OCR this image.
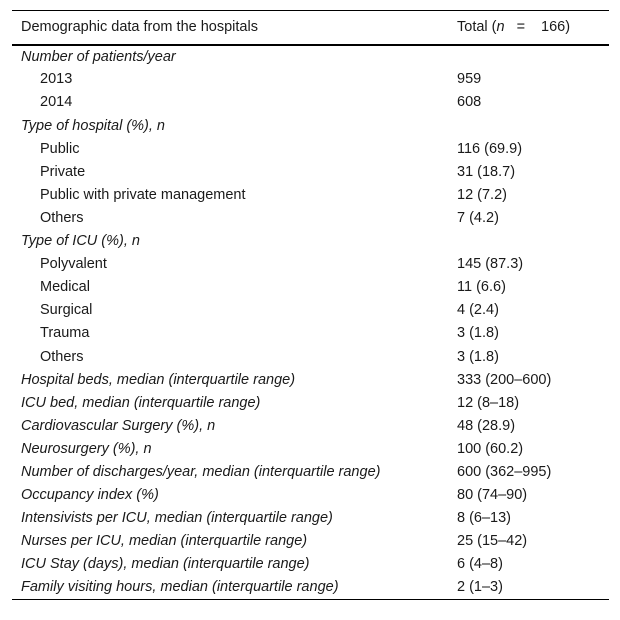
Demographic data from the hospitals	Total (n = 166)
Number of patients/year	
2013	959
2014	608
Type of hospital (%), n	
Public	116 (69.9)
Private	31 (18.7)
Public with private management	12 (7.2)
Others	7 (4.2)
Type of ICU (%), n	
Polyvalent	145 (87.3)
Medical	11 (6.6)
Surgical	4 (2.4)
Trauma	3 (1.8)
Others	3 (1.8)
Hospital beds, median (interquartile range)	333 (200–600)
ICU bed, median (interquartile range)	12 (8–18)
Cardiovascular Surgery (%), n	48 (28.9)
Neurosurgery (%), n	100 (60.2)
Number of discharges/year, median (interquartile range)	600 (362–995)
Occupancy index (%)	80 (74–90)
Intensivists per ICU, median (interquartile range)	8 (6–13)
Nurses per ICU, median (interquartile range)	25 (15–42)
ICU Stay (days), median (interquartile range)	6 (4–8)
Family visiting hours, median (interquartile range)	2 (1–3)
